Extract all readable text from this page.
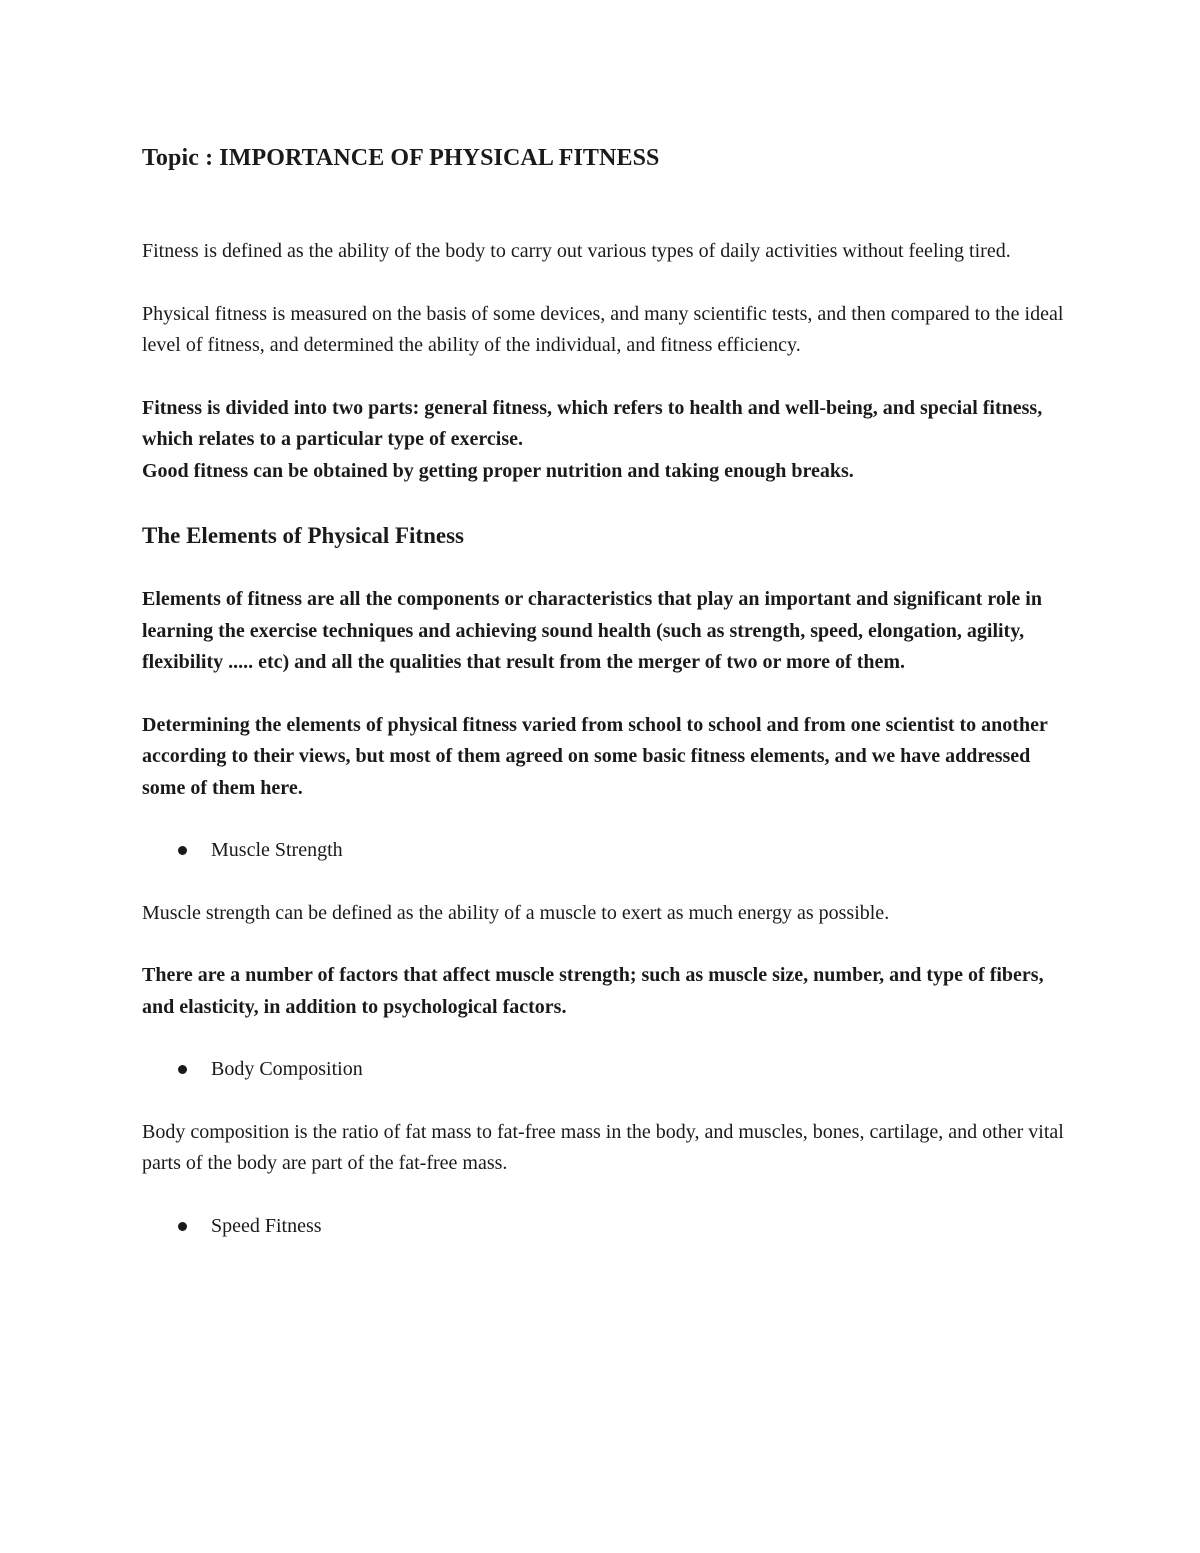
Topic : IMPORTANCE OF PHYSICAL FITNESS

Fitness is defined as the ability of the body to carry out various types of daily activities without feeling tired.

Physical fitness is measured on the basis of some devices, and many scientific tests, and then compared to the ideal level of fitness, and determined the ability of the individual, and fitness efficiency.

Fitness is divided into two parts: general fitness, which refers to health and well-being, and special fitness, which relates to a particular type of exercise.
Good fitness can be obtained by getting proper nutrition and taking enough breaks.
The Elements of Physical Fitness

Elements of fitness are all the components or characteristics that play an important and significant role in learning the exercise techniques and achieving sound health (such as strength, speed, elongation, agility, flexibility ..... etc) and all the qualities that result from the merger of two or more of them.

Determining the elements of physical fitness varied from school to school and from one scientist to another according to their views, but most of them agreed on some basic fitness elements, and we have addressed some of them here.

Muscle Strength

Muscle strength can be defined as the ability of a muscle to exert as much energy as possible.

There are a number of factors that affect muscle strength; such as muscle size, number, and type of fibers, and elasticity, in addition to psychological factors.

Body Composition

Body composition is the ratio of fat mass to fat-free mass in the body, and muscles, bones, cartilage, and other vital parts of the body are part of the fat-free mass.

Speed Fitness
